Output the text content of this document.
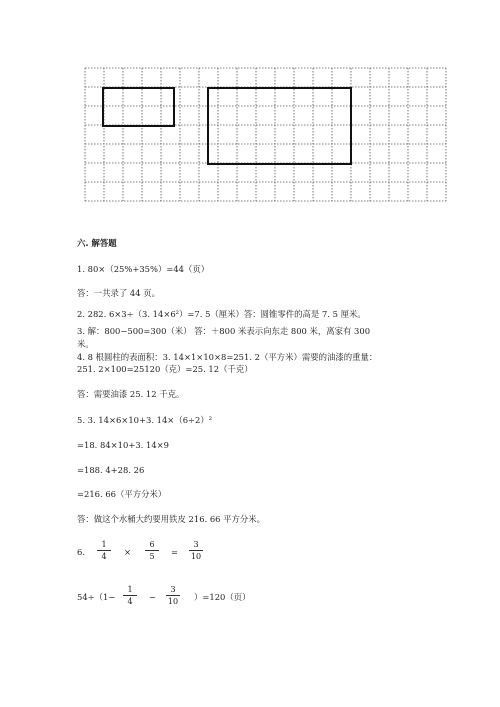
六. 解答题
1. 80×（25%+35%）=44（页）
答：一共录了 44 页。
2. 282. 6×3÷（3. 14×6²）=7. 5（厘米）答：圆锥零件的高是 7. 5 厘米。
3. 解：800−500=300（米） 答：＋800 米表示向东走 800 米，离家有 300
米。
4. 8 根圆柱的表面积：3. 14×1×10×8=251. 2（平方米）需要的油漆的重量：
251. 2×100=25120（克）=25. 12（千克）
答：需要油漆 25. 12 千克。
5. 3. 14×6×10+3. 14×（6÷2）²
=18. 84×10+3. 14×9
=188. 4+28. 26
=216. 66（平方分米）
答：做这个水桶大约要用铁皮 216. 66 平方分米。
6.
1
4	×
6
5	=
3
10
54÷（1−
1
4	−
3
10 ）=120（页）
